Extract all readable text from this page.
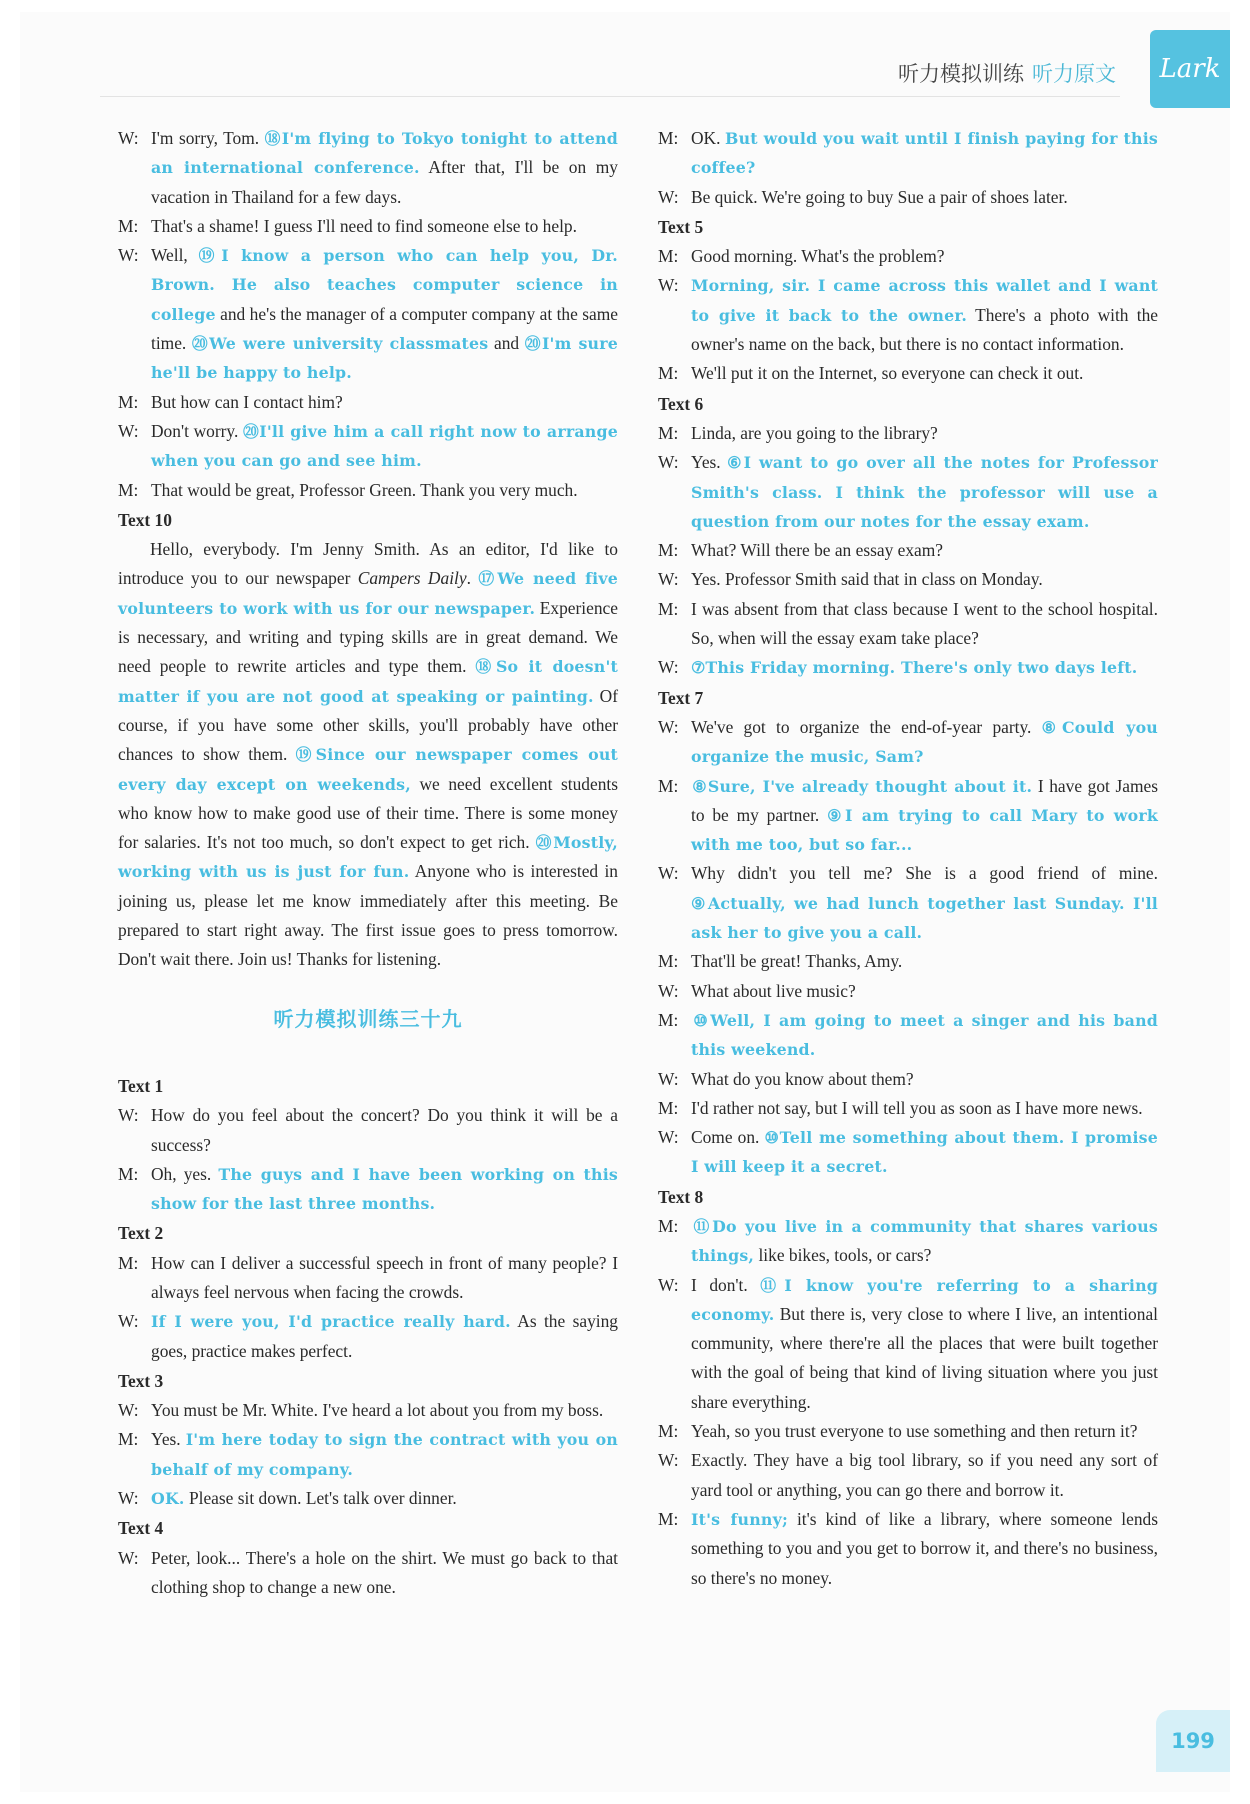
听力模拟训练 听力原文	Lark
W: I'm sorry, Tom. ⑱I'm flying to Tokyo tonight to attend an international conference. After that, I'll be on my vacation in Thailand for a few days.
M: That's a shame! I guess I'll need to find someone else to help.
W: Well, ⑲I know a person who can help you, Dr. Brown. He also teaches computer science in college and he's the manager of a computer company at the same time. ⑳We were university classmates and ⑳I'm sure he'll be happy to help.
M: But how can I contact him?
W: Don't worry. ⑳I'll give him a call right now to arrange when you can go and see him.
M: That would be great, Professor Green. Thank you very much.
Text 10
Hello, everybody. I'm Jenny Smith. As an editor, I'd like to introduce you to our newspaper Campers Daily. ⑰We need five volunteers to work with us for our newspaper. Experience is necessary, and writing and typing skills are in great demand. We need people to rewrite articles and type them. ⑱So it doesn't matter if you are not good at speaking or painting. Of course, if you have some other skills, you'll probably have other chances to show them. ⑲Since our newspaper comes out every day except on weekends, we need excellent students who know how to make good use of their time. There is some money for salaries. It's not too much, so don't expect to get rich. ⑳Mostly, working with us is just for fun. Anyone who is interested in joining us, please let me know immediately after this meeting. Be prepared to start right away. The first issue goes to press tomorrow. Don't wait there. Join us! Thanks for listening.
听力模拟训练三十九
Text 1
W: How do you feel about the concert? Do you think it will be a success?
M: Oh, yes. The guys and I have been working on this show for the last three months.
Text 2
M: How can I deliver a successful speech in front of many people? I always feel nervous when facing the crowds.
W: If I were you, I'd practice really hard. As the saying goes, practice makes perfect.
Text 3
W: You must be Mr. White. I've heard a lot about you from my boss.
M: Yes. I'm here today to sign the contract with you on behalf of my company.
W: OK. Please sit down. Let's talk over dinner.
Text 4
W: Peter, look... There's a hole on the shirt. We must go back to that clothing shop to change a new one.
M: OK. But would you wait until I finish paying for this coffee?
W: Be quick. We're going to buy Sue a pair of shoes later.
Text 5
M: Good morning. What's the problem?
W: Morning, sir. I came across this wallet and I want to give it back to the owner. There's a photo with the owner's name on the back, but there is no contact information.
M: We'll put it on the Internet, so everyone can check it out.
Text 6
M: Linda, are you going to the library?
W: Yes. ⑥I want to go over all the notes for Professor Smith's class. I think the professor will use a question from our notes for the essay exam.
M: What? Will there be an essay exam?
W: Yes. Professor Smith said that in class on Monday.
M: I was absent from that class because I went to the school hospital. So, when will the essay exam take place?
W: ⑦This Friday morning. There's only two days left.
Text 7
W: We've got to organize the end-of-year party. ⑧Could you organize the music, Sam?
M: ⑧Sure, I've already thought about it. I have got James to be my partner. ⑨I am trying to call Mary to work with me too, but so far...
W: Why didn't you tell me? She is a good friend of mine. ⑨Actually, we had lunch together last Sunday. I'll ask her to give you a call.
M: That'll be great! Thanks, Amy.
W: What about live music?
M: ⑩Well, I am going to meet a singer and his band this weekend.
W: What do you know about them?
M: I'd rather not say, but I will tell you as soon as I have more news.
W: Come on. ⑩Tell me something about them. I promise I will keep it a secret.
Text 8
M: ⑪Do you live in a community that shares various things, like bikes, tools, or cars?
W: I don't. ⑪I know you're referring to a sharing economy. But there is, very close to where I live, an intentional community, where there're all the places that were built together with the goal of being that kind of living situation where you just share everything.
M: Yeah, so you trust everyone to use something and then return it?
W: Exactly. They have a big tool library, so if you need any sort of yard tool or anything, you can go there and borrow it.
M: It's funny; it's kind of like a library, where someone lends something to you and you get to borrow it, and there's no business, so there's no money.
199
